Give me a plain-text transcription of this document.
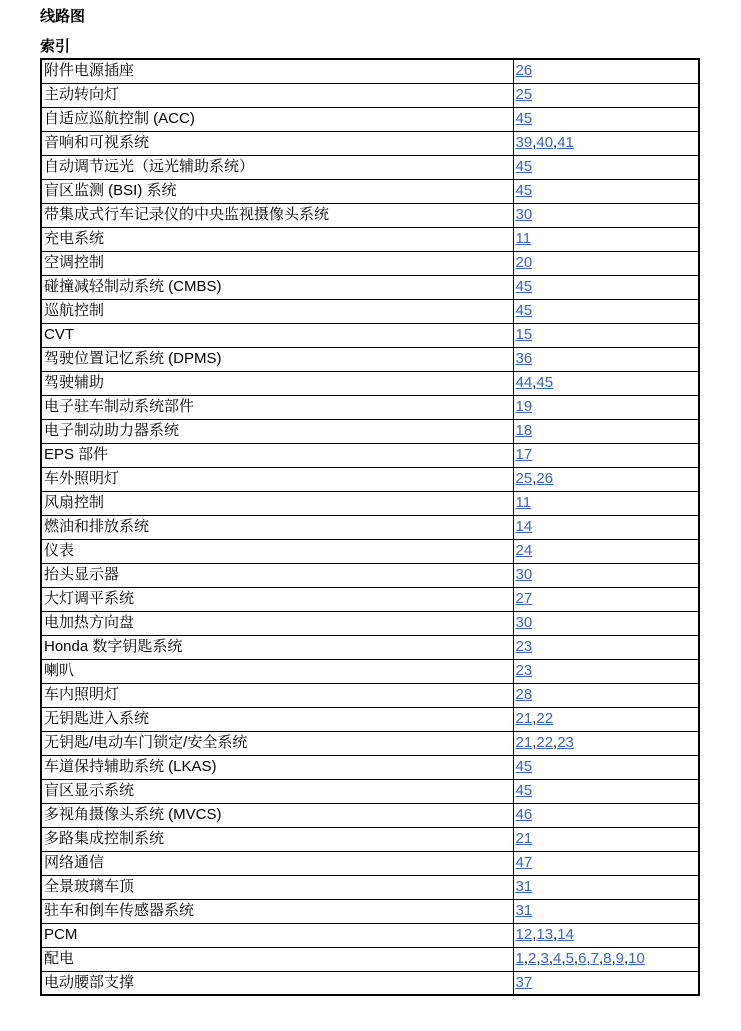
线路图
索引
附件电源插座	26
主动转向灯	25
自适应巡航控制 (ACC)	45
音响和可视系统	39,40,41
自动调节远光（远光辅助系统）	45
盲区监测 (BSI) 系统	45
带集成式行车记录仪的中央监视摄像头系统	30
充电系统	11
空调控制	20
碰撞减轻制动系统 (CMBS)	45
巡航控制	45
CVT	15
驾驶位置记忆系统 (DPMS)	36
驾驶辅助	44,45
电子驻车制动系统部件	19
电子制动助力器系统	18
EPS 部件	17
车外照明灯	25,26
风扇控制	11
燃油和排放系统	14
仪表	24
抬头显示器	30
大灯调平系统	27
电加热方向盘	30
Honda 数字钥匙系统	23
喇叭	23
车内照明灯	28
无钥匙进入系统	21,22
无钥匙/电动车门锁定/安全系统	21,22,23
车道保持辅助系统 (LKAS)	45
盲区显示系统	45
多视角摄像头系统 (MVCS)	46
多路集成控制系统	21
网络通信	47
全景玻璃车顶	31
驻车和倒车传感器系统	31
PCM	12,13,14
配电	1,2,3,4,5,6,7,8,9,10
电动腰部支撑	37
